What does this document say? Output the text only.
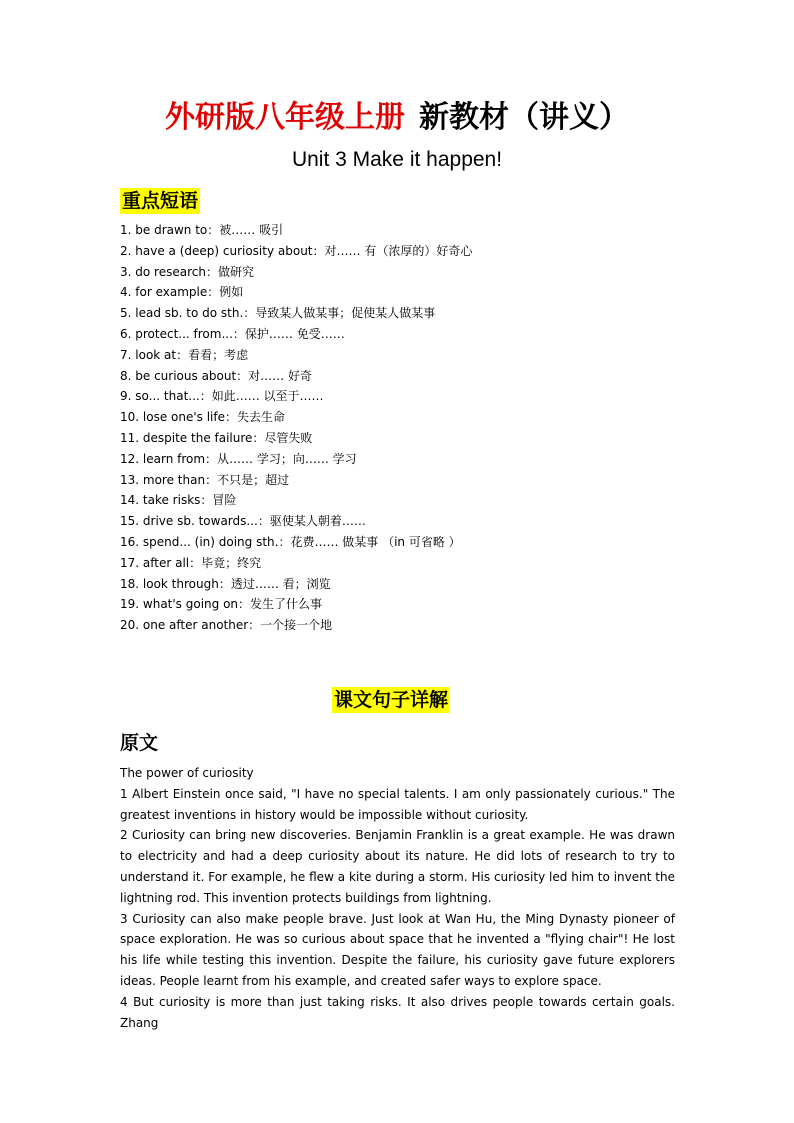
外研版八年级上册 新教材（讲义）
Unit 3 Make it happen!
重点短语
1. be drawn to：被…… 吸引
2. have a (deep) curiosity about：对…… 有（浓厚的）好奇心
3. do research：做研究
4. for example：例如
5. lead sb. to do sth.：导致某人做某事；促使某人做某事
6. protect... from...：保护…… 免受……
7. look at：看看；考虑
8. be curious about：对…… 好奇
9. so... that...：如此…… 以至于……
10. lose one's life：失去生命
11. despite the failure：尽管失败
12. learn from：从…… 学习；向…… 学习
13. more than：不只是；超过
14. take risks：冒险
15. drive sb. towards...：驱使某人朝着……
16. spend... (in) doing sth.：花费…… 做某事 （in 可省略 ）
17. after all：毕竟；终究
18. look through：透过…… 看；浏览
19. what's going on：发生了什么事
20. one after another：一个接一个地
课文句子详解
原文

The power of curiosity

1 Albert Einstein once said, "I have no special talents. I am only passionately curious." The greatest inventions in history would be impossible without curiosity.

2 Curiosity can bring new discoveries. Benjamin Franklin is a great example. He was drawn to electricity and had a deep curiosity about its nature. He did lots of research to try to understand it. For example, he flew a kite during a storm. His curiosity led him to invent the lightning rod. This invention protects buildings from lightning.

3 Curiosity can also make people brave. Just look at Wan Hu, the Ming Dynasty pioneer of space exploration. He was so curious about space that he invented a "flying chair"! He lost his life while testing this invention. Despite the failure, his curiosity gave future explorers ideas. People learnt from his example, and created safer ways to explore space.

4 But curiosity is more than just taking risks. It also drives people towards certain goals. Zhang
